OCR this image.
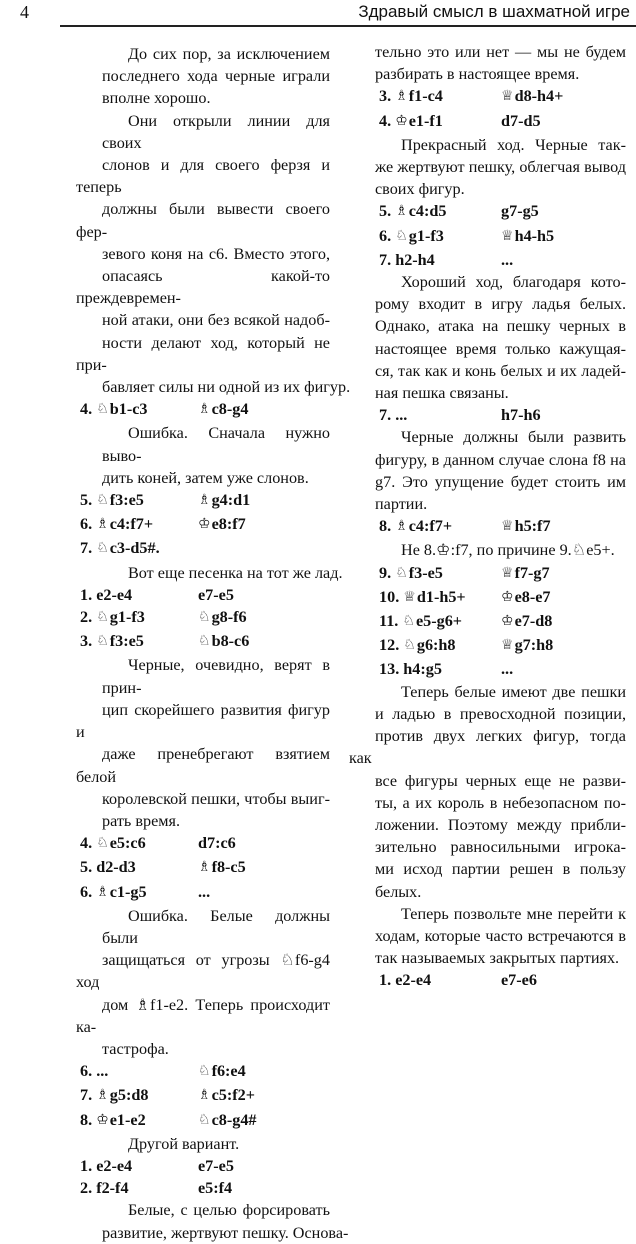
4	Здравый смысл в шахматной игре
До сих пор, за исключением
последнего хода черные играли
вполне хорошо.
Они открыли линии для своих
слонов и для своего ферзя и теперь
должны были вывести своего фер-
зевого коня на с6. Вместо этого,
опасаясь какой-то преждевремен-
ной атаки, они без всякой надоб-
ности делают ход, который не при-
бавляет силы ни одной из их фигур.
4. ♘b1-c3	♗c8-g4
Ошибка. Сначала нужно выво-
дить коней, затем уже слонов.
5. ♘f3:e5	♗g4:d1
6. ♗c4:f7+	♔e8:f7
7. ♘c3-d5#.
Вот еще песенка на тот же лад.
1. e2-e4	e7-e5
2. ♘g1-f3	♘g8-f6
3. ♘f3:e5	♘b8-c6
Черные, очевидно, верят в прин-
цип скорейшего развития фигур и
даже пренебрегают взятием белой
королевской пешки, чтобы выиг-
рать время.
4. ♘e5:c6	d7:c6
5. d2-d3	♗f8-c5
6. ♗c1-g5	...
Ошибка. Белые должны были
защищаться от угрозы ♘f6-g4 ход
дом ♗f1-e2. Теперь происходит ка-
тастрофа.
6. ...	♘f6:e4
7. ♗g5:d8	♗c5:f2+
8. ♔e1-e2	♘c8-g4#
Другой вариант.
1. e2-e4	e7-e5
2. f2-f4	e5:f4
Белые, с целью форсировать
развитие, жертвуют пешку. Основа-
тельно это или нет — мы не будем
разбирать в настоящее время.
3. ♗f1-c4	♕d8-h4+
4. ♔e1-f1	d7-d5
Прекрасный ход. Черные так-
же жертвуют пешку, облегчая вывод
своих фигур.
5. ♗c4:d5	g7-g5
6. ♘g1-f3	♕h4-h5
7. h2-h4	...
Хороший ход, благодаря кото-
рому входит в игру ладья белых.
Однако, атака на пешку черных в
настоящее время только кажущая-
ся, так как и конь белых и их ладей-
ная пешка связаны.
7. ...	h7-h6
Черные должны были развить
фигуру, в данном случае слона f8 на
g7. Это упущение будет стоить им
партии.
8. ♗c4:f7+	♕h5:f7
Не 8.♔:f7, по причине 9.♘e5+.
9. ♘f3-e5	♕f7-g7
10. ♕d1-h5+	♔e8-e7
11. ♘e5-g6+	♔e7-d8
12. ♘g6:h8	♕g7:h8
13. h4:g5	...
Теперь белые имеют две пешки
и ладью в превосходной позиции,
против двух легких фигур, тогда как
все фигуры черных еще не разви-
ты, а их король в небезопасном по-
ложении. Поэтому между прибли-
зительно равносильными игрока-
ми исход партии решен в пользу
белых.
Теперь позвольте мне перейти к
ходам, которые часто встречаются в
так называемых закрытых партиях.
1. e2-e4	e7-e6
